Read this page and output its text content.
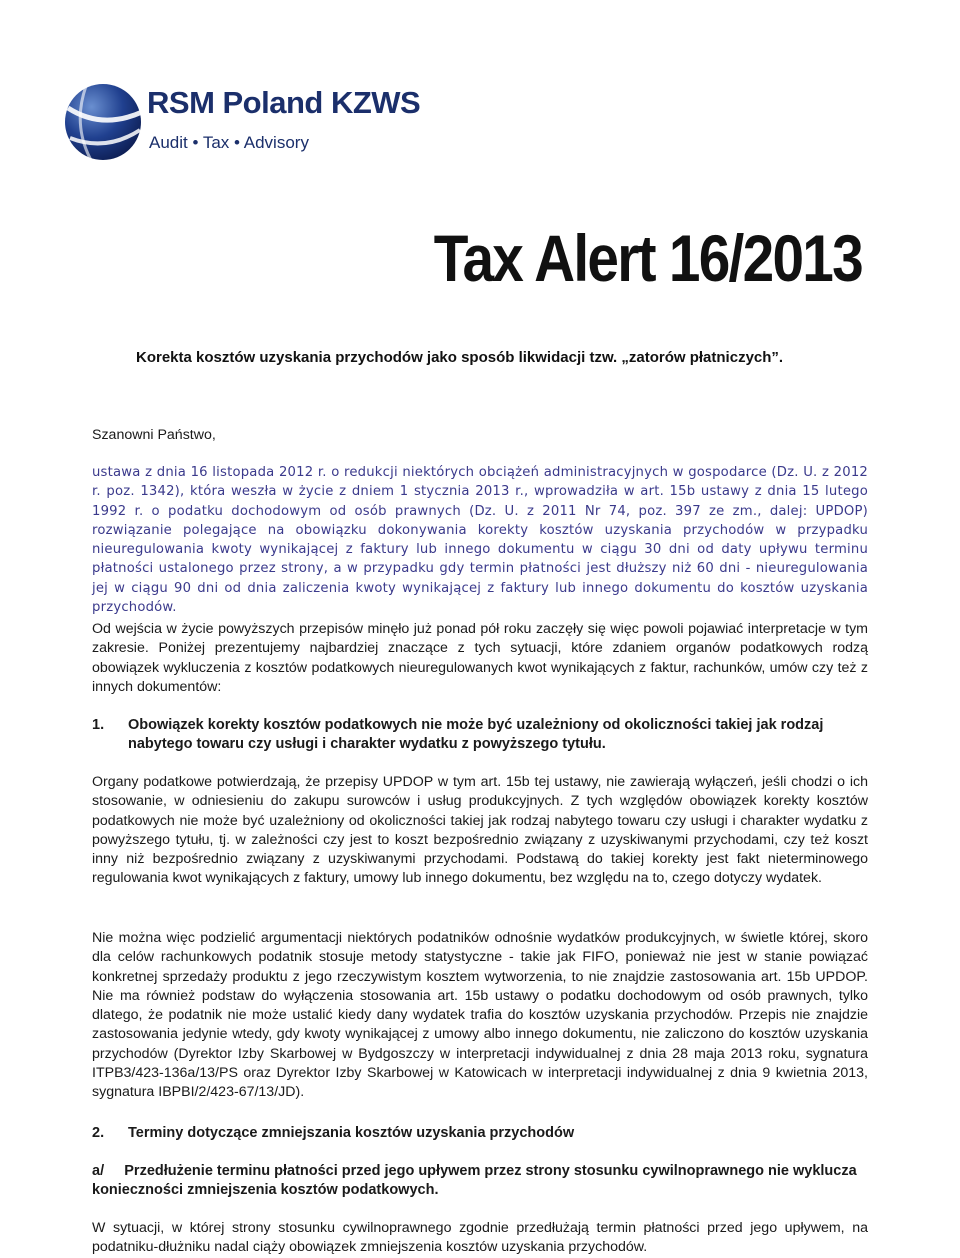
RSM Poland KZWS
Audit • Tax • Advisory
Tax Alert 16/2013

Korekta kosztów uzyskania przychodów jako sposób likwidacji tzw. „zatorów płatniczych”.

Szanowni Państwo,

ustawa z dnia 16 listopada 2012 r. o redukcji niektórych obciążeń administracyjnych w gospodarce (Dz. U. z 2012 r. poz. 1342), która weszła w życie z dniem 1 stycznia 2013 r., wprowadziła w art. 15b ustawy z dnia 15 lutego 1992 r. o podatku dochodowym od osób prawnych (Dz. U. z 2011 Nr 74, poz. 397 ze zm., dalej: UPDOP) rozwiązanie polegające na obowiązku dokonywania korekty kosztów uzyskania przychodów w przypadku nieuregulowania kwoty wynikającej z faktury lub innego dokumentu w ciągu 30 dni od daty upływu terminu płatności ustalonego przez strony, a w przypadku gdy termin płatności jest dłuższy niż 60 dni - nieuregulowania jej w ciągu 90 dni od dnia zaliczenia kwoty wynikającej z faktury lub innego dokumentu do kosztów uzyskania przychodów.

Od wejścia w życie powyższych przepisów minęło już ponad pół roku zaczęły się więc powoli pojawiać interpretacje w tym zakresie. Poniżej prezentujemy najbardziej znaczące z tych sytuacji, które zdaniem organów podatkowych rodzą obowiązek wykluczenia z kosztów podatkowych nieuregulowanych kwot wynikających z faktur, rachunków, umów czy też z innych dokumentów:

1. Obowiązek korekty kosztów podatkowych nie może być uzależniony od okoliczności takiej jak rodzaj nabytego towaru czy usługi i charakter wydatku z powyższego tytułu.

Organy podatkowe potwierdzają, że przepisy UPDOP w tym art. 15b tej ustawy, nie zawierają wyłączeń, jeśli chodzi o ich stosowanie, w odniesieniu do zakupu surowców i usług produkcyjnych. Z tych względów obowiązek korekty kosztów podatkowych nie może być uzależniony od okoliczności takiej jak rodzaj nabytego towaru czy usługi i charakter wydatku z powyższego tytułu, tj. w zależności czy jest to koszt bezpośrednio związany z uzyskiwanymi przychodami, czy też koszt inny niż bezpośrednio związany z uzyskiwanymi przychodami. Podstawą do takiej korekty jest fakt nieterminowego regulowania kwot wynikających z faktury, umowy lub innego dokumentu, bez względu na to, czego dotyczy wydatek.

Nie można więc podzielić argumentacji niektórych podatników odnośnie wydatków produkcyjnych, w świetle której, skoro dla celów rachunkowych podatnik stosuje metody statystyczne - takie jak FIFO, ponieważ nie jest w stanie powiązać konkretnej sprzedaży produktu z jego rzeczywistym kosztem wytworzenia, to nie znajdzie zastosowania art. 15b UPDOP. Nie ma również podstaw do wyłączenia stosowania art. 15b ustawy o podatku dochodowym od osób prawnych, tylko dlatego, że podatnik nie może ustalić kiedy dany wydatek trafia do kosztów uzyskania przychodów. Przepis nie znajdzie zastosowania jedynie wtedy, gdy kwoty wynikającej z umowy albo innego dokumentu, nie zaliczono do kosztów uzyskania przychodów (Dyrektor Izby Skarbowej w Bydgoszczy w interpretacji indywidualnej z dnia 28 maja 2013 roku, sygnatura ITPB3/423-136a/13/PS oraz Dyrektor Izby Skarbowej w Katowicach w interpretacji indywidualnej z dnia 9 kwietnia 2013, sygnatura IBPBI/2/423-67/13/JD).

2. Terminy dotyczące zmniejszania kosztów uzyskania przychodów
a/ Przedłużenie terminu płatności przed jego upływem przez strony stosunku cywilnoprawnego nie wyklucza konieczności zmniejszenia kosztów podatkowych.

W sytuacji, w której strony stosunku cywilnoprawnego zgodnie przedłużają termin płatności przed jego upływem, na podatniku-dłużniku nadal ciąży obowiązek zmniejszenia kosztów uzyskania przychodów.
